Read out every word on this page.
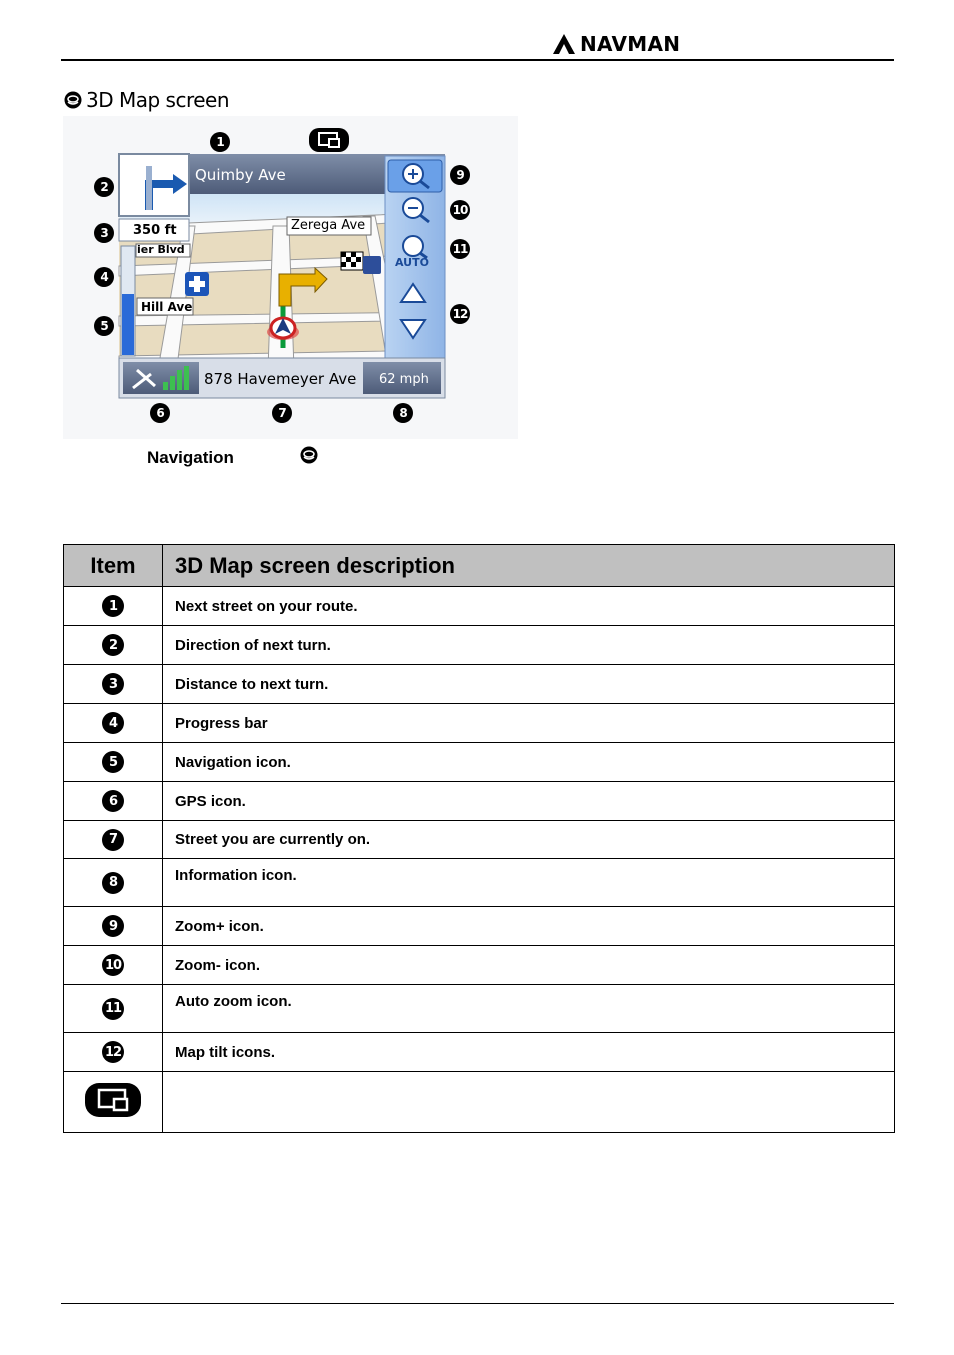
NAVMAN
3D Map screen
Quimby Ave
350 ft	Zerega Ave
ier Blvd
Hill Ave
AUTO
878 Havemeyer Ave 62 mph
1
2
3
4
5
6	7	8
9
10
11
12
Navigation
Item	3D Map screen description
1	Next street on your route.
2	Direction of next turn.
3	Distance to next turn.
4	Progress bar
5	Navigation icon.
6	GPS icon.
7	Street you are currently on.
8	Information icon.
9	Zoom+ icon.
10	Zoom- icon.
11	Auto zoom icon.
12	Map tilt icons.
